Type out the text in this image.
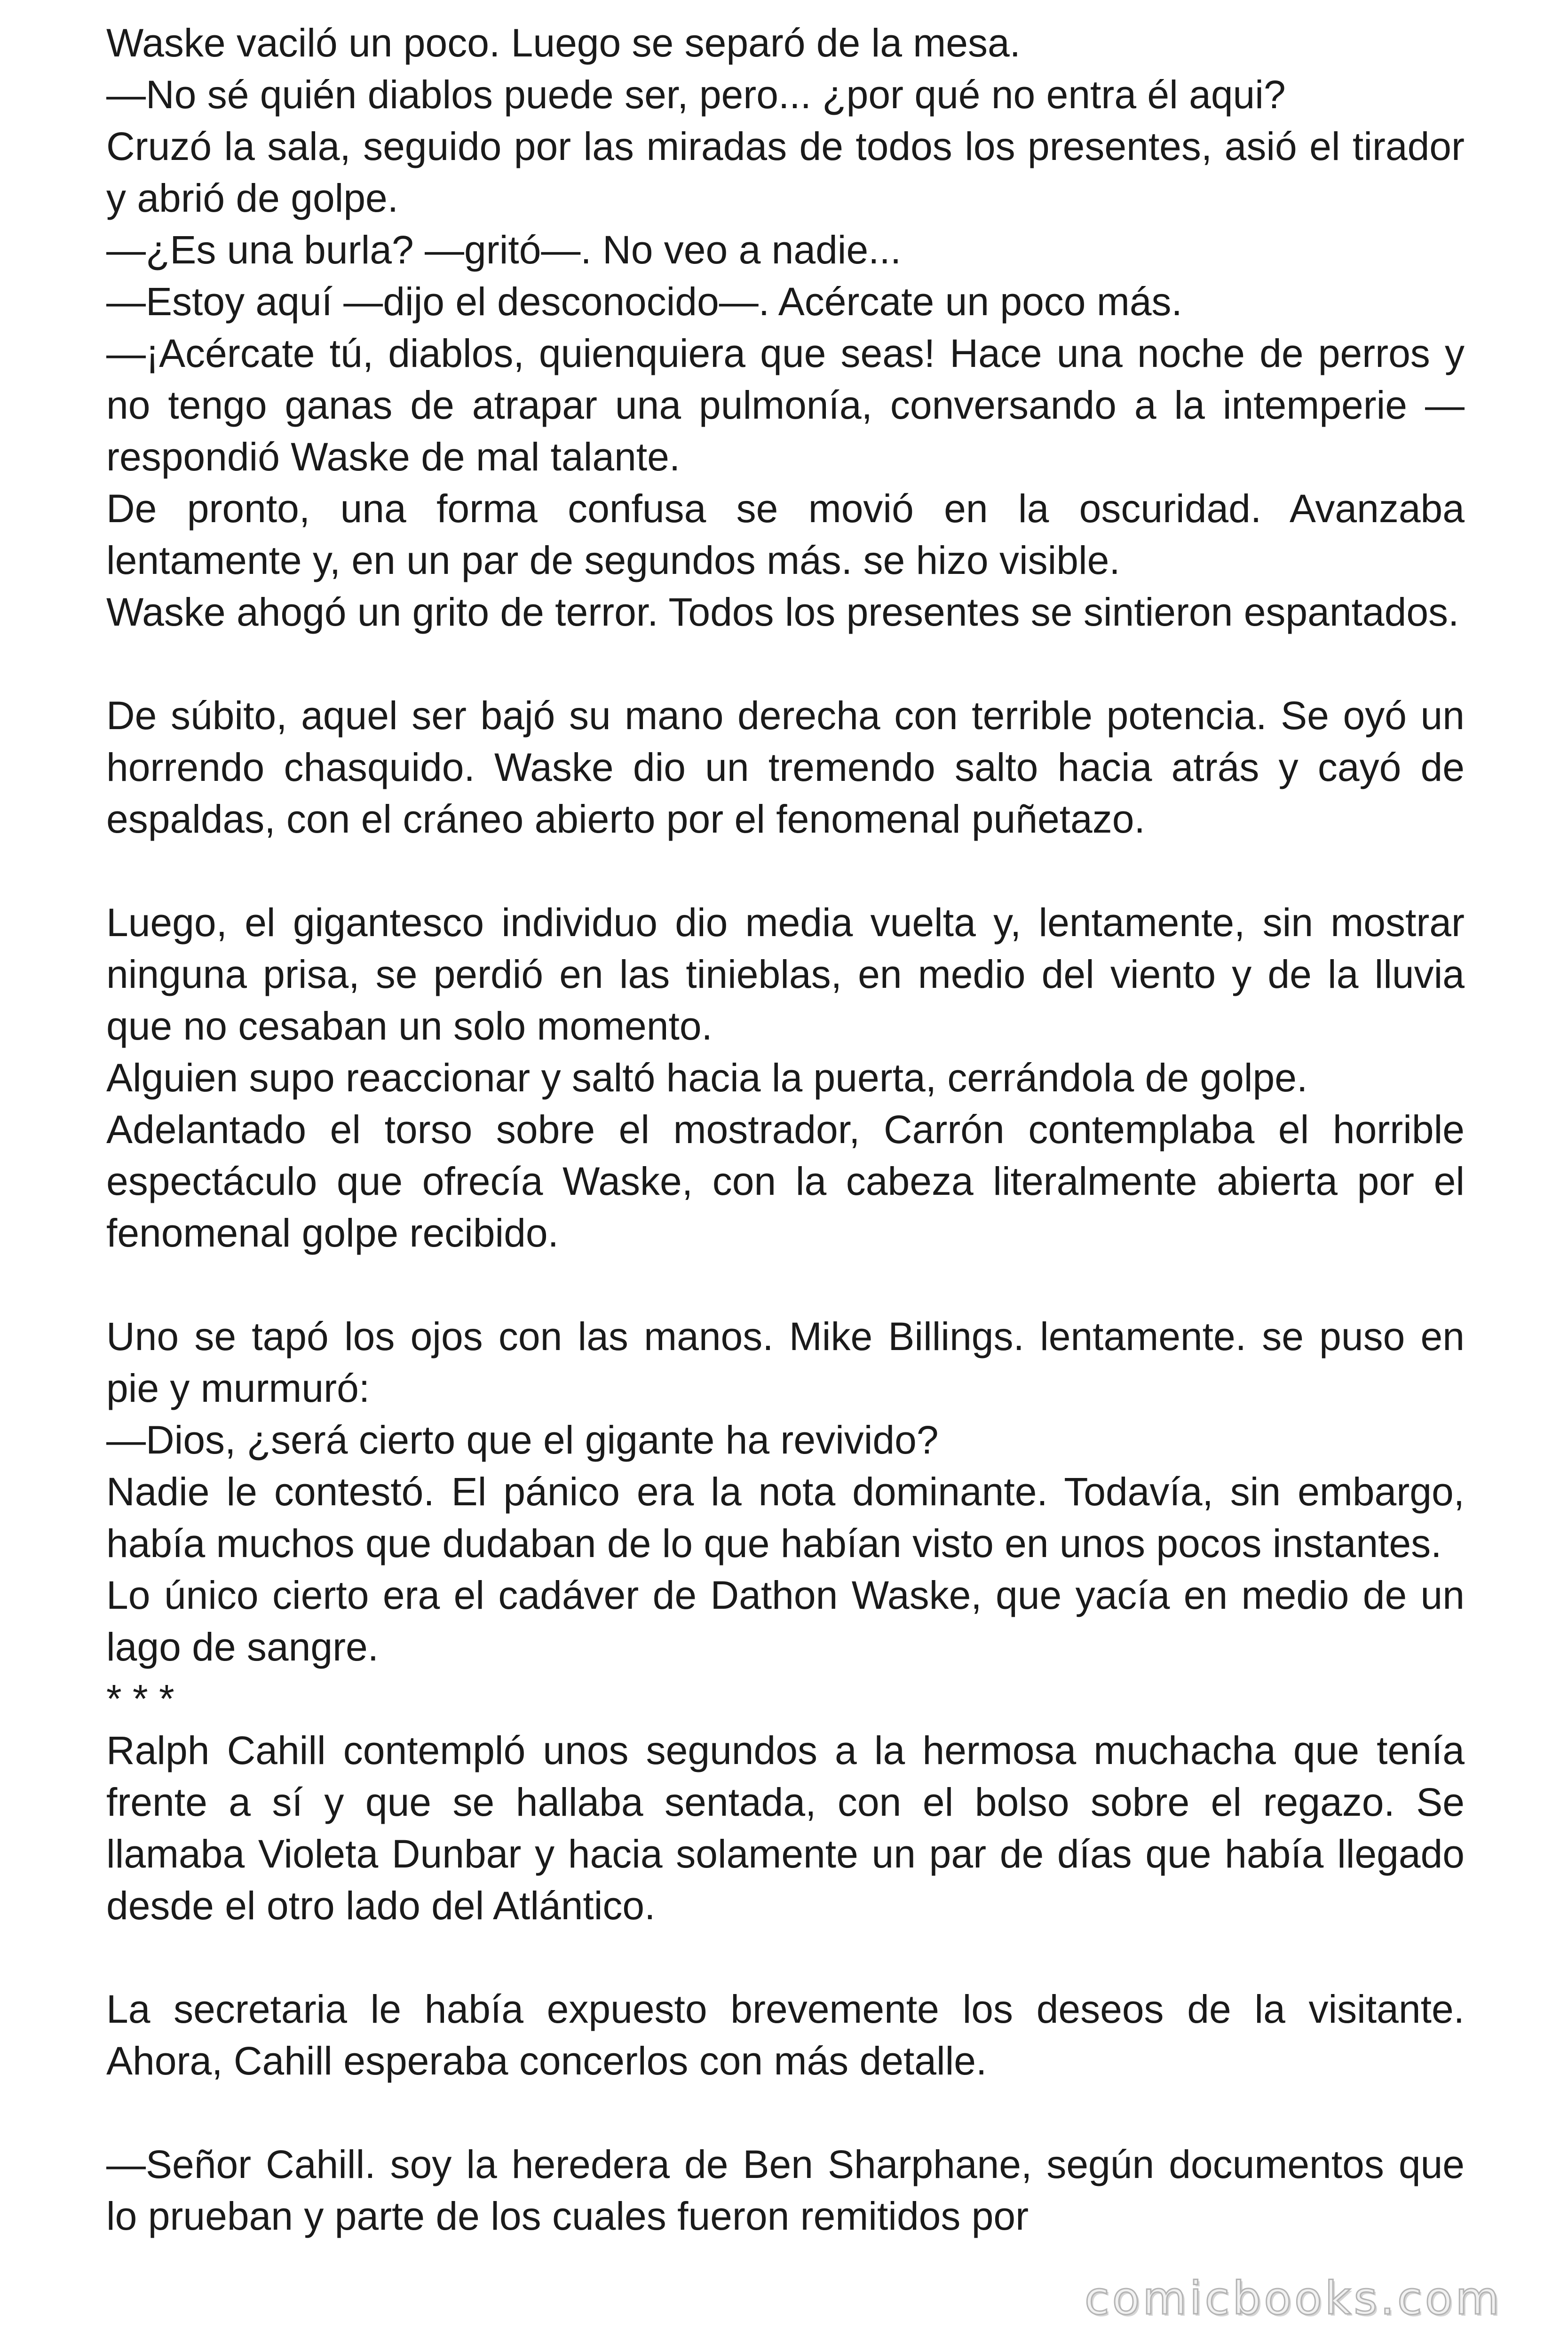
Waske vaciló un poco. Luego se separó de la mesa.

—No sé quién diablos puede ser, pero... ¿por qué no entra él aqui?

Cruzó la sala, seguido por las miradas de todos los presentes, asió el tirador y abrió de golpe.

—¿Es una burla? —gritó—. No veo a nadie...

—Estoy aquí —dijo el desconocido—. Acércate un poco más.

—¡Acércate tú, diablos, quienquiera que seas! Hace una noche de perros y no tengo ganas de atrapar una pulmonía, conversando a la intemperie —respondió Waske de mal talante.

De pronto, una forma confusa se movió en la oscuridad. Avanzaba lentamente y, en un par de segundos más. se hizo visible.

Waske ahogó un grito de terror. Todos los presentes se sintieron espantados.

De súbito, aquel ser bajó su mano derecha con terrible potencia. Se oyó un horrendo chasquido. Waske dio un tremendo salto hacia atrás y cayó de espaldas, con el cráneo abierto por el fenomenal puñetazo.

Luego, el gigantesco individuo dio media vuelta y, lentamente, sin mostrar ninguna prisa, se perdió en las tinieblas, en medio del viento y de la lluvia que no cesaban un solo momento.

Alguien supo reaccionar y saltó hacia la puerta, cerrándola de golpe.

Adelantado el torso sobre el mostrador, Carrón contemplaba el horrible espectáculo que ofrecía Waske, con la cabeza literalmente abierta por el fenomenal golpe recibido.

Uno se tapó los ojos con las manos. Mike Billings. lentamente. se puso en pie y murmuró:

—Dios, ¿será cierto que el gigante ha revivido?

Nadie le contestó. El pánico era la nota dominante. Todavía, sin embargo, había muchos que dudaban de lo que habían visto en unos pocos instantes.

Lo único cierto era el cadáver de Dathon Waske, que yacía en medio de un lago de sangre.

* * *

Ralph Cahill contempló unos segundos a la hermosa muchacha que tenía frente a sí y que se hallaba sentada, con el bolso sobre el regazo. Se llamaba Violeta Dunbar y hacia solamente un par de días que había llegado desde el otro lado del Atlántico.

La secretaria le había expuesto brevemente los deseos de la visitante. Ahora, Cahill esperaba concerlos con más detalle.

—Señor Cahill. soy la heredera de Ben Sharphane, según documentos que lo prueban y parte de los cuales fueron remitidos por

comicbooks.com
